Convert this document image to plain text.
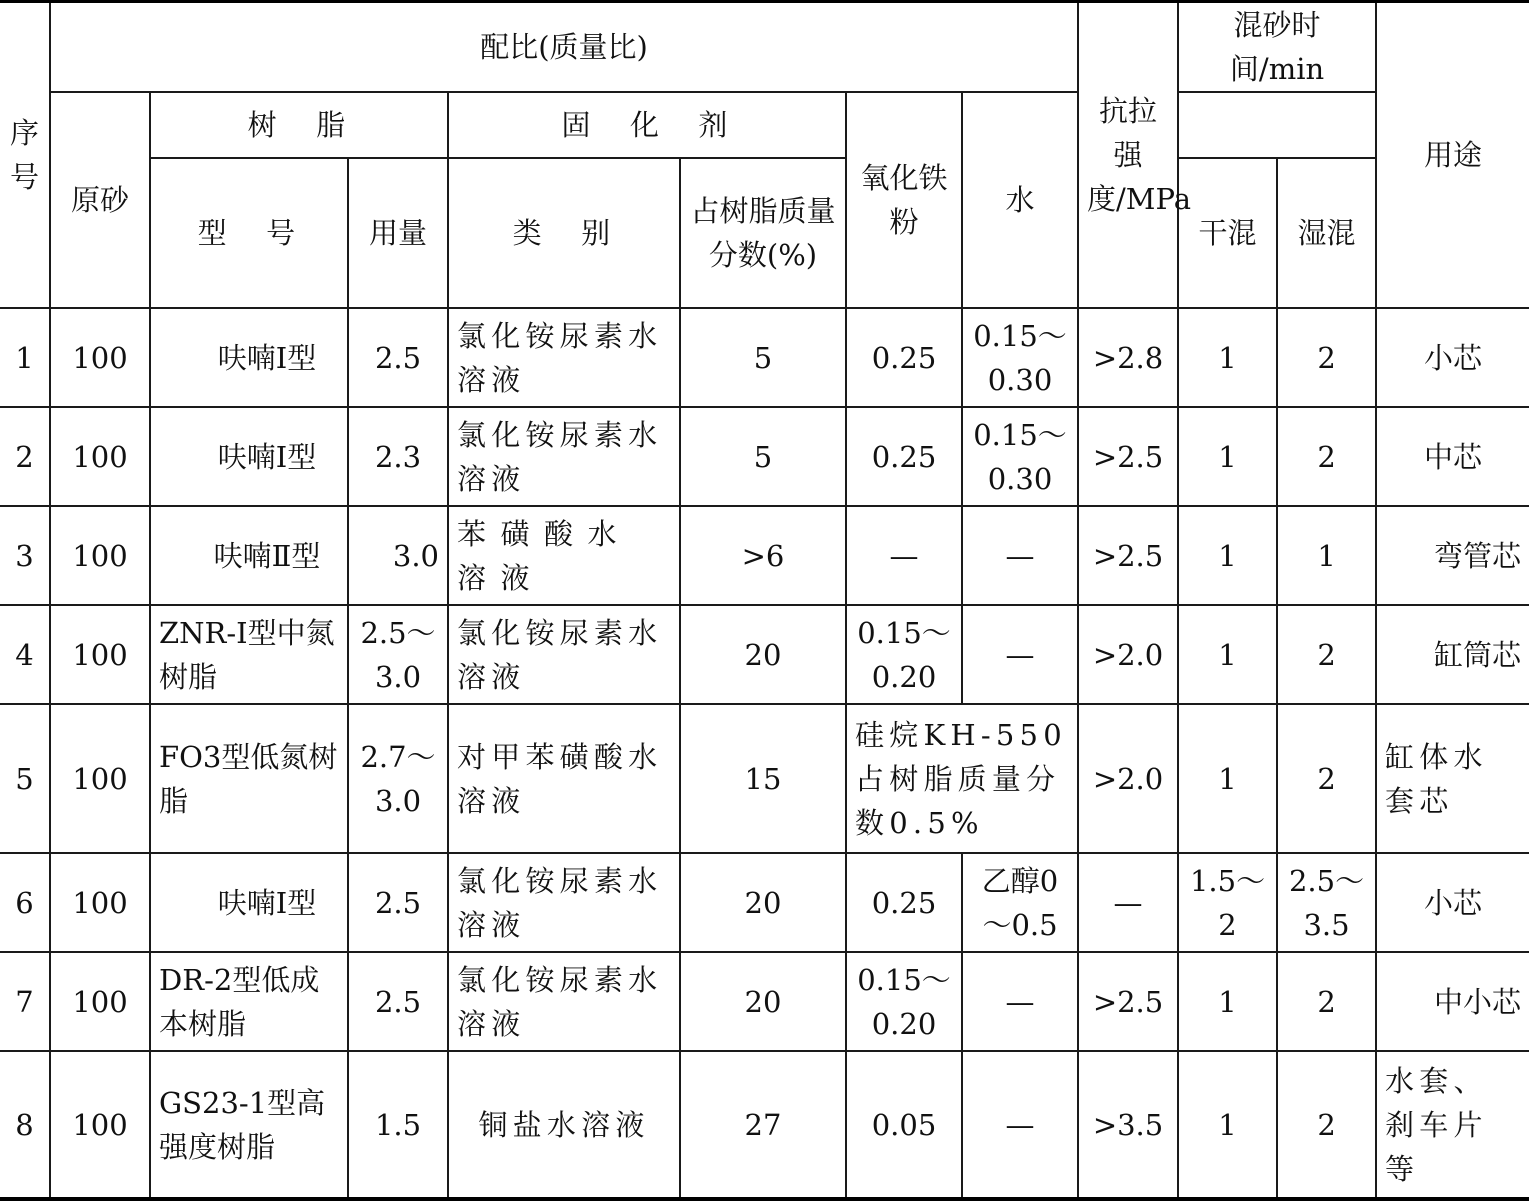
序号	配比(质量比)							抗拉强度/MPa	混砂时间/min		用途
	原砂	树　脂		固　化　剂		氧化铁粉	水				
		型　号	用量	类　别	占树脂质量分数(%)				干混	湿混	
1	100	呋喃Ⅰ型	2.5	氯化铵尿素水溶液	5	0.25	0.15～0.30	>2.8	1	2	小芯
2	100	呋喃Ⅰ型	2.3	氯化铵尿素水溶液	5	0.25	0.15～0.30	>2.5	1	2	中芯
3	100	呋喃Ⅱ型	3.0	苯磺酸水溶液	>6	—	—	>2.5	1	1	弯管芯
4	100	ZNR-Ⅰ型中氮树脂	2.5～3.0	氯化铵尿素水溶液	20	0.15～0.20	—	>2.0	1	2	缸筒芯
5	100	FO3型低氮树脂	2.7～3.0	对甲苯磺酸水溶液	15	硅烷KH-550占树脂质量分数0.5%		>2.0	1	2	缸体水套芯
6	100	呋喃Ⅰ型	2.5	氯化铵尿素水溶液	20	0.25	乙醇0～0.5	—	1.5～2	2.5～3.5	小芯
7	100	DR-2型低成本树脂	2.5	氯化铵尿素水溶液	20	0.15～0.20	—	>2.5	1	2	中小芯
8	100	GS23-1型高强度树脂	1.5	铜盐水溶液	27	0.05	—	>3.5	1	2	水套、刹车片等
